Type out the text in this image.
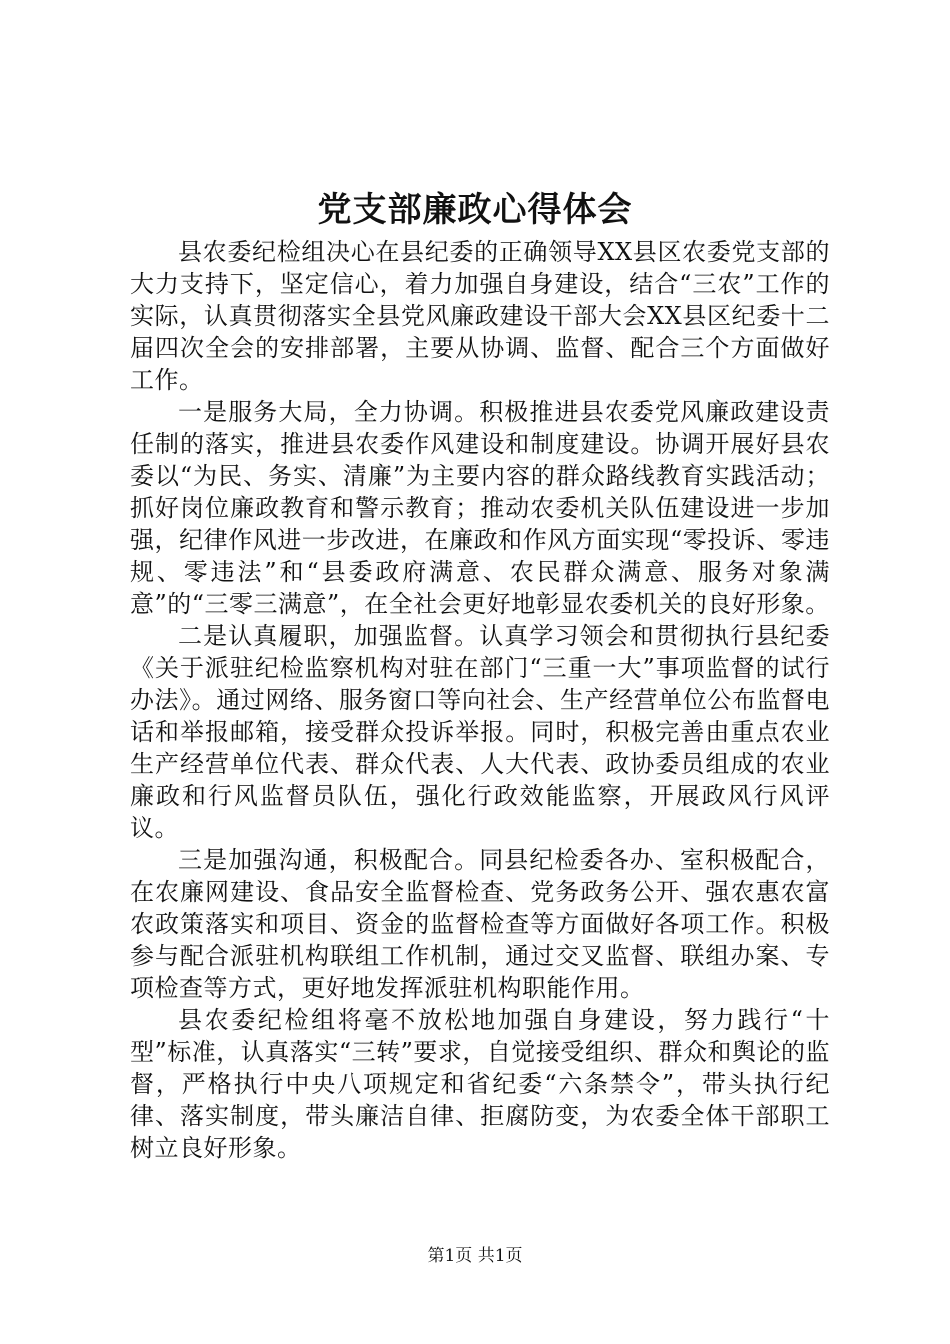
党支部廉政心得体会

县农委纪检组决心在县纪委的正确领导XX县区农委党支部的大力支持下，坚定信心，着力加强自身建设，结合“三农”工作的实际，认真贯彻落实全县党风廉政建设干部大会XX县区纪委十二届四次全会的安排部署，主要从协调、监督、配合三个方面做好工作。

一是服务大局，全力协调。积极推进县农委党风廉政建设责任制的落实，推进县农委作风建设和制度建设。协调开展好县农委以“为民、务实、清廉”为主要内容的群众路线教育实践活动；抓好岗位廉政教育和警示教育；推动农委机关队伍建设进一步加强，纪律作风进一步改进，在廉政和作风方面实现“零投诉、零违规、零违法”和“县委政府满意、农民群众满意、服务对象满意”的“三零三满意”，在全社会更好地彰显农委机关的良好形象。

二是认真履职，加强监督。认真学习领会和贯彻执行县纪委《关于派驻纪检监察机构对驻在部门“三重一大”事项监督的试行办法》。通过网络、服务窗口等向社会、生产经营单位公布监督电话和举报邮箱，接受群众投诉举报。同时，积极完善由重点农业生产经营单位代表、群众代表、人大代表、政协委员组成的农业廉政和行风监督员队伍，强化行政效能监察，开展政风行风评议。

三是加强沟通，积极配合。同县纪检委各办、室积极配合，在农廉网建设、食品安全监督检查、党务政务公开、强农惠农富农政策落实和项目、资金的监督检查等方面做好各项工作。积极参与配合派驻机构联组工作机制，通过交叉监督、联组办案、专项检查等方式，更好地发挥派驻机构职能作用。

县农委纪检组将毫不放松地加强自身建设，努力践行“十型”标准，认真落实“三转”要求，自觉接受组织、群众和舆论的监督，严格执行中央八项规定和省纪委“六条禁令”，带头执行纪律、落实制度，带头廉洁自律、拒腐防变，为农委全体干部职工树立良好形象。

第1页 共1页
